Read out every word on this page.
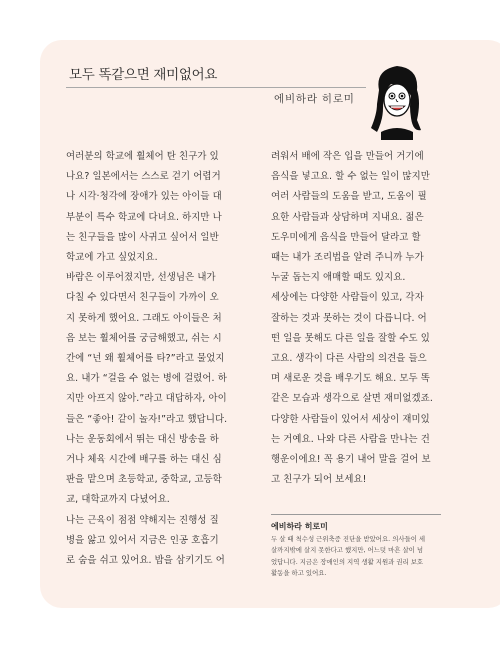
모두 똑같으면 재미없어요
에비하라 히로미

여러분의 학교에 휠체어 탄 친구가 있

나요? 일본에서는 스스로 걷기 어렵거

나 시각·청각에 장애가 있는 아이들 대

부분이 특수 학교에 다녀요. 하지만 나

는 친구들을 많이 사귀고 싶어서 일반

학교에 가고 싶었지요.

바람은 이루어졌지만, 선생님은 내가

다칠 수 있다면서 친구들이 가까이 오

지 못하게 했어요. 그래도 아이들은 처

음 보는 휠체어를 궁금해했고, 쉬는 시

간에 “넌 왜 휠체어를 타?”라고 물었지

요. 내가 “걸을 수 없는 병에 걸렸어. 하

지만 아프지 않아.”라고 대답하자, 아이

들은 “좋아! 같이 놀자!”라고 했답니다.

나는 운동회에서 뛰는 대신 방송을 하

거나 체육 시간에 배구를 하는 대신 심

판을 맡으며 초등학교, 중학교, 고등학

교, 대학교까지 다녔어요.

나는 근육이 점점 약해지는 진행성 질

병을 앓고 있어서 지금은 인공 호흡기

로 숨을 쉬고 있어요. 밥을 삼키기도 어

려워서 배에 작은 입을 만들어 거기에

음식을 넣고요. 할 수 없는 일이 많지만

여러 사람들의 도움을 받고, 도움이 필

요한 사람들과 상담하며 지내요. 젊은

도우미에게 음식을 만들어 달라고 할

때는 내가 조리법을 알려 주니까 누가

누굴 돕는지 애매할 때도 있지요.

세상에는 다양한 사람들이 있고, 각자

잘하는 것과 못하는 것이 다릅니다. 어

떤 일을 못해도 다른 일을 잘할 수도 있

고요. 생각이 다른 사람의 의견을 들으

며 새로운 것을 배우기도 해요. 모두 똑

같은 모습과 생각으로 살면 재미없겠죠.

다양한 사람들이 있어서 세상이 재미있

는 거예요. 나와 다른 사람을 만나는 건

행운이에요! 꼭 용기 내어 말을 걸어 보

고 친구가 되어 보세요!

에비하라 히로미

두 살 때 척수성 근위축증 진단을 받았어요. 의사들이 세

살까지밖에 살지 못한다고 했지만, 어느덧 마흔 살이 넘

었답니다. 지금은 장애인의 지역 생활 지원과 권리 보호

활동을 하고 있어요.
